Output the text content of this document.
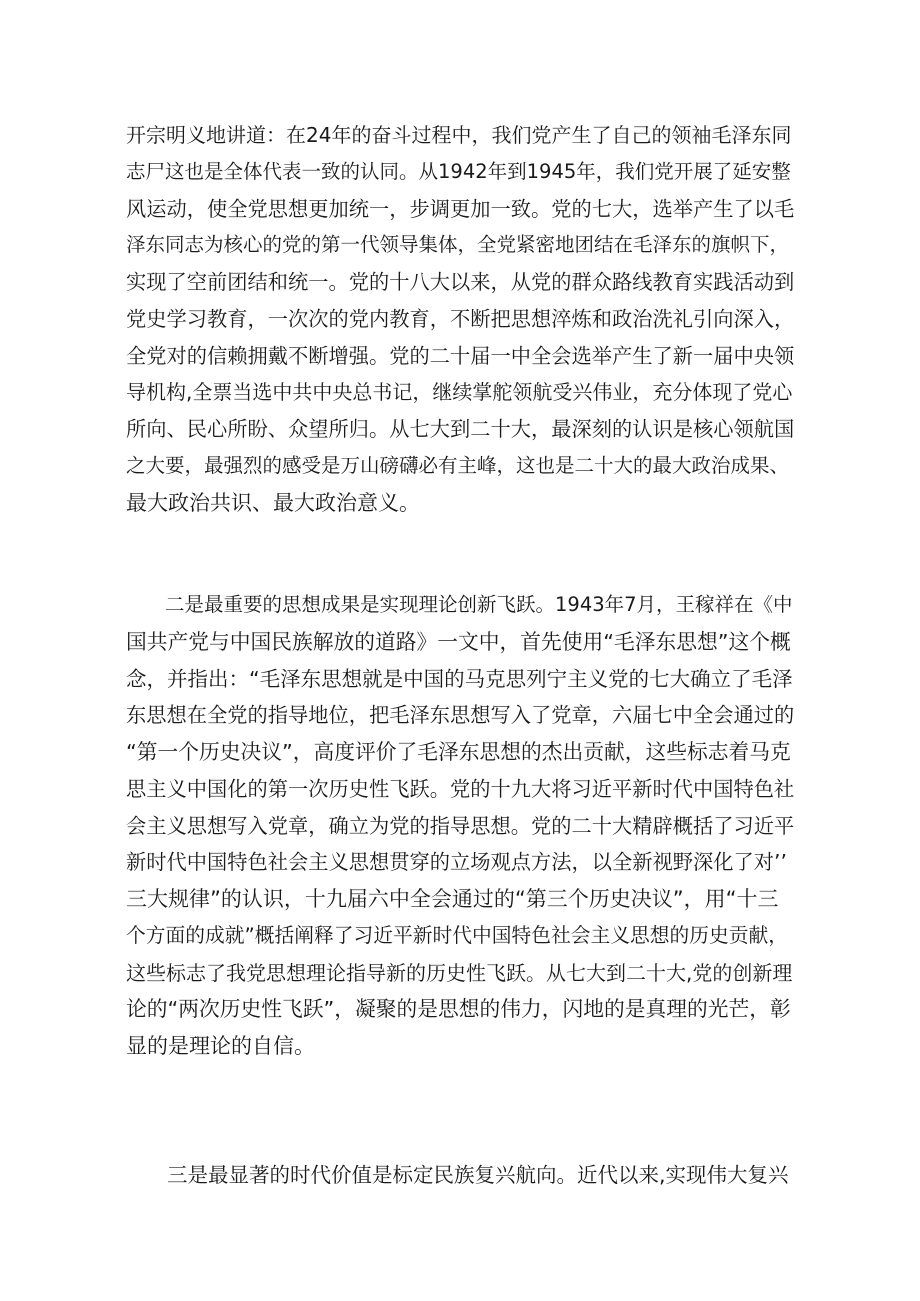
开宗明义地讲道：在24年的奋斗过程中，我们党产生了自己的领袖毛泽东同
志尸这也是全体代表一致的认同。从1942年到1945年，我们党开展了延安整
风运动，使全党思想更加统一，步调更加一致。党的七大，选举产生了以毛
泽东同志为核心的党的第一代领导集体，全党紧密地团结在毛泽东的旗帜下，
实现了空前团结和统一。党的十八大以来，从党的群众路线教育实践活动到
党史学习教育，一次次的党内教育，不断把思想淬炼和政治洗礼引向深入，
全党对的信赖拥戴不断增强。党的二十届一中全会选举产生了新一届中央领
导机构,全票当选中共中央总书记，继续掌舵领航受兴伟业，充分体现了党心
所向、民心所盼、众望所归。从七大到二十大，最深刻的认识是核心领航国
之大要，最强烈的感受是万山磅礴必有主峰，这也是二十大的最大政治成果、
最大政治共识、最大政治意义。
　　二是最重要的思想成果是实现理论创新飞跃。1943年7月，王稼祥在《中
国共产党与中国民族解放的道路》一文中，首先使用“毛泽东思想”这个概
念，并指出：“毛泽东思想就是中国的马克思列宁主义党的七大确立了毛泽
东思想在全党的指导地位，把毛泽东思想写入了党章，六届七中全会通过的
“第一个历史决议”，高度评价了毛泽东思想的杰出贡献，这些标志着马克
思主义中国化的第一次历史性飞跃。党的十九大将习近平新时代中国特色社
会主义思想写入党章，确立为党的指导思想。党的二十大精辟概括了习近平
新时代中国特色社会主义思想贯穿的立场观点方法，以全新视野深化了对’’
三大规律”的认识，十九届六中全会通过的“第三个历史决议”，用“十三
个方面的成就”概括阐释了习近平新时代中国特色社会主义思想的历史贡献，
这些标志了我党思想理论指导新的历史性飞跃。从七大到二十大,党的创新理
论的“两次历史性飞跃”，凝聚的是思想的伟力，闪地的是真理的光芒，彰
显的是理论的自信。
　　三是最显著的时代价值是标定民族复兴航向。近代以来,实现伟大复兴
